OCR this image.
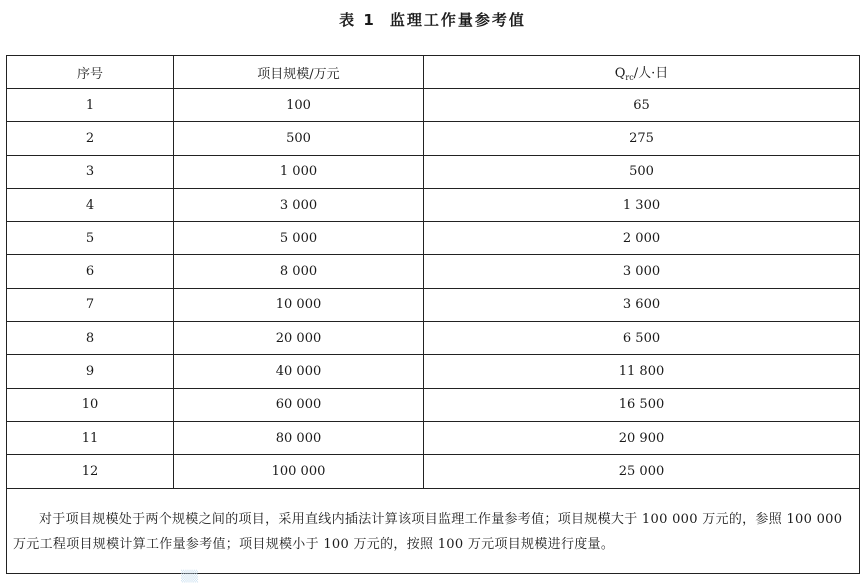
表 1 监理工作量参考值
序号	项目规模/万元	$Q_{rc}/$人·日
1	100	65
2	500	275
3	1 000	500
4	3 000	1 300
5	5 000	2 000
6	8 000	3 000
7	10 000	3 600
8	20 000	6 500
9	40 000	11 800
10	60 000	16 500
11	80 000	20 900
12	100 000	25 000

对于项目规模处于两个规模之间的项目，采用直线内插法计算该项目监理工作量参考值；项目规模大于 100 000 万元的，参照 100 000 万元工程项目规模计算工作量参考值；项目规模小于 100 万元的，按照 100 万元项目规模进行度量。		
▒▒
